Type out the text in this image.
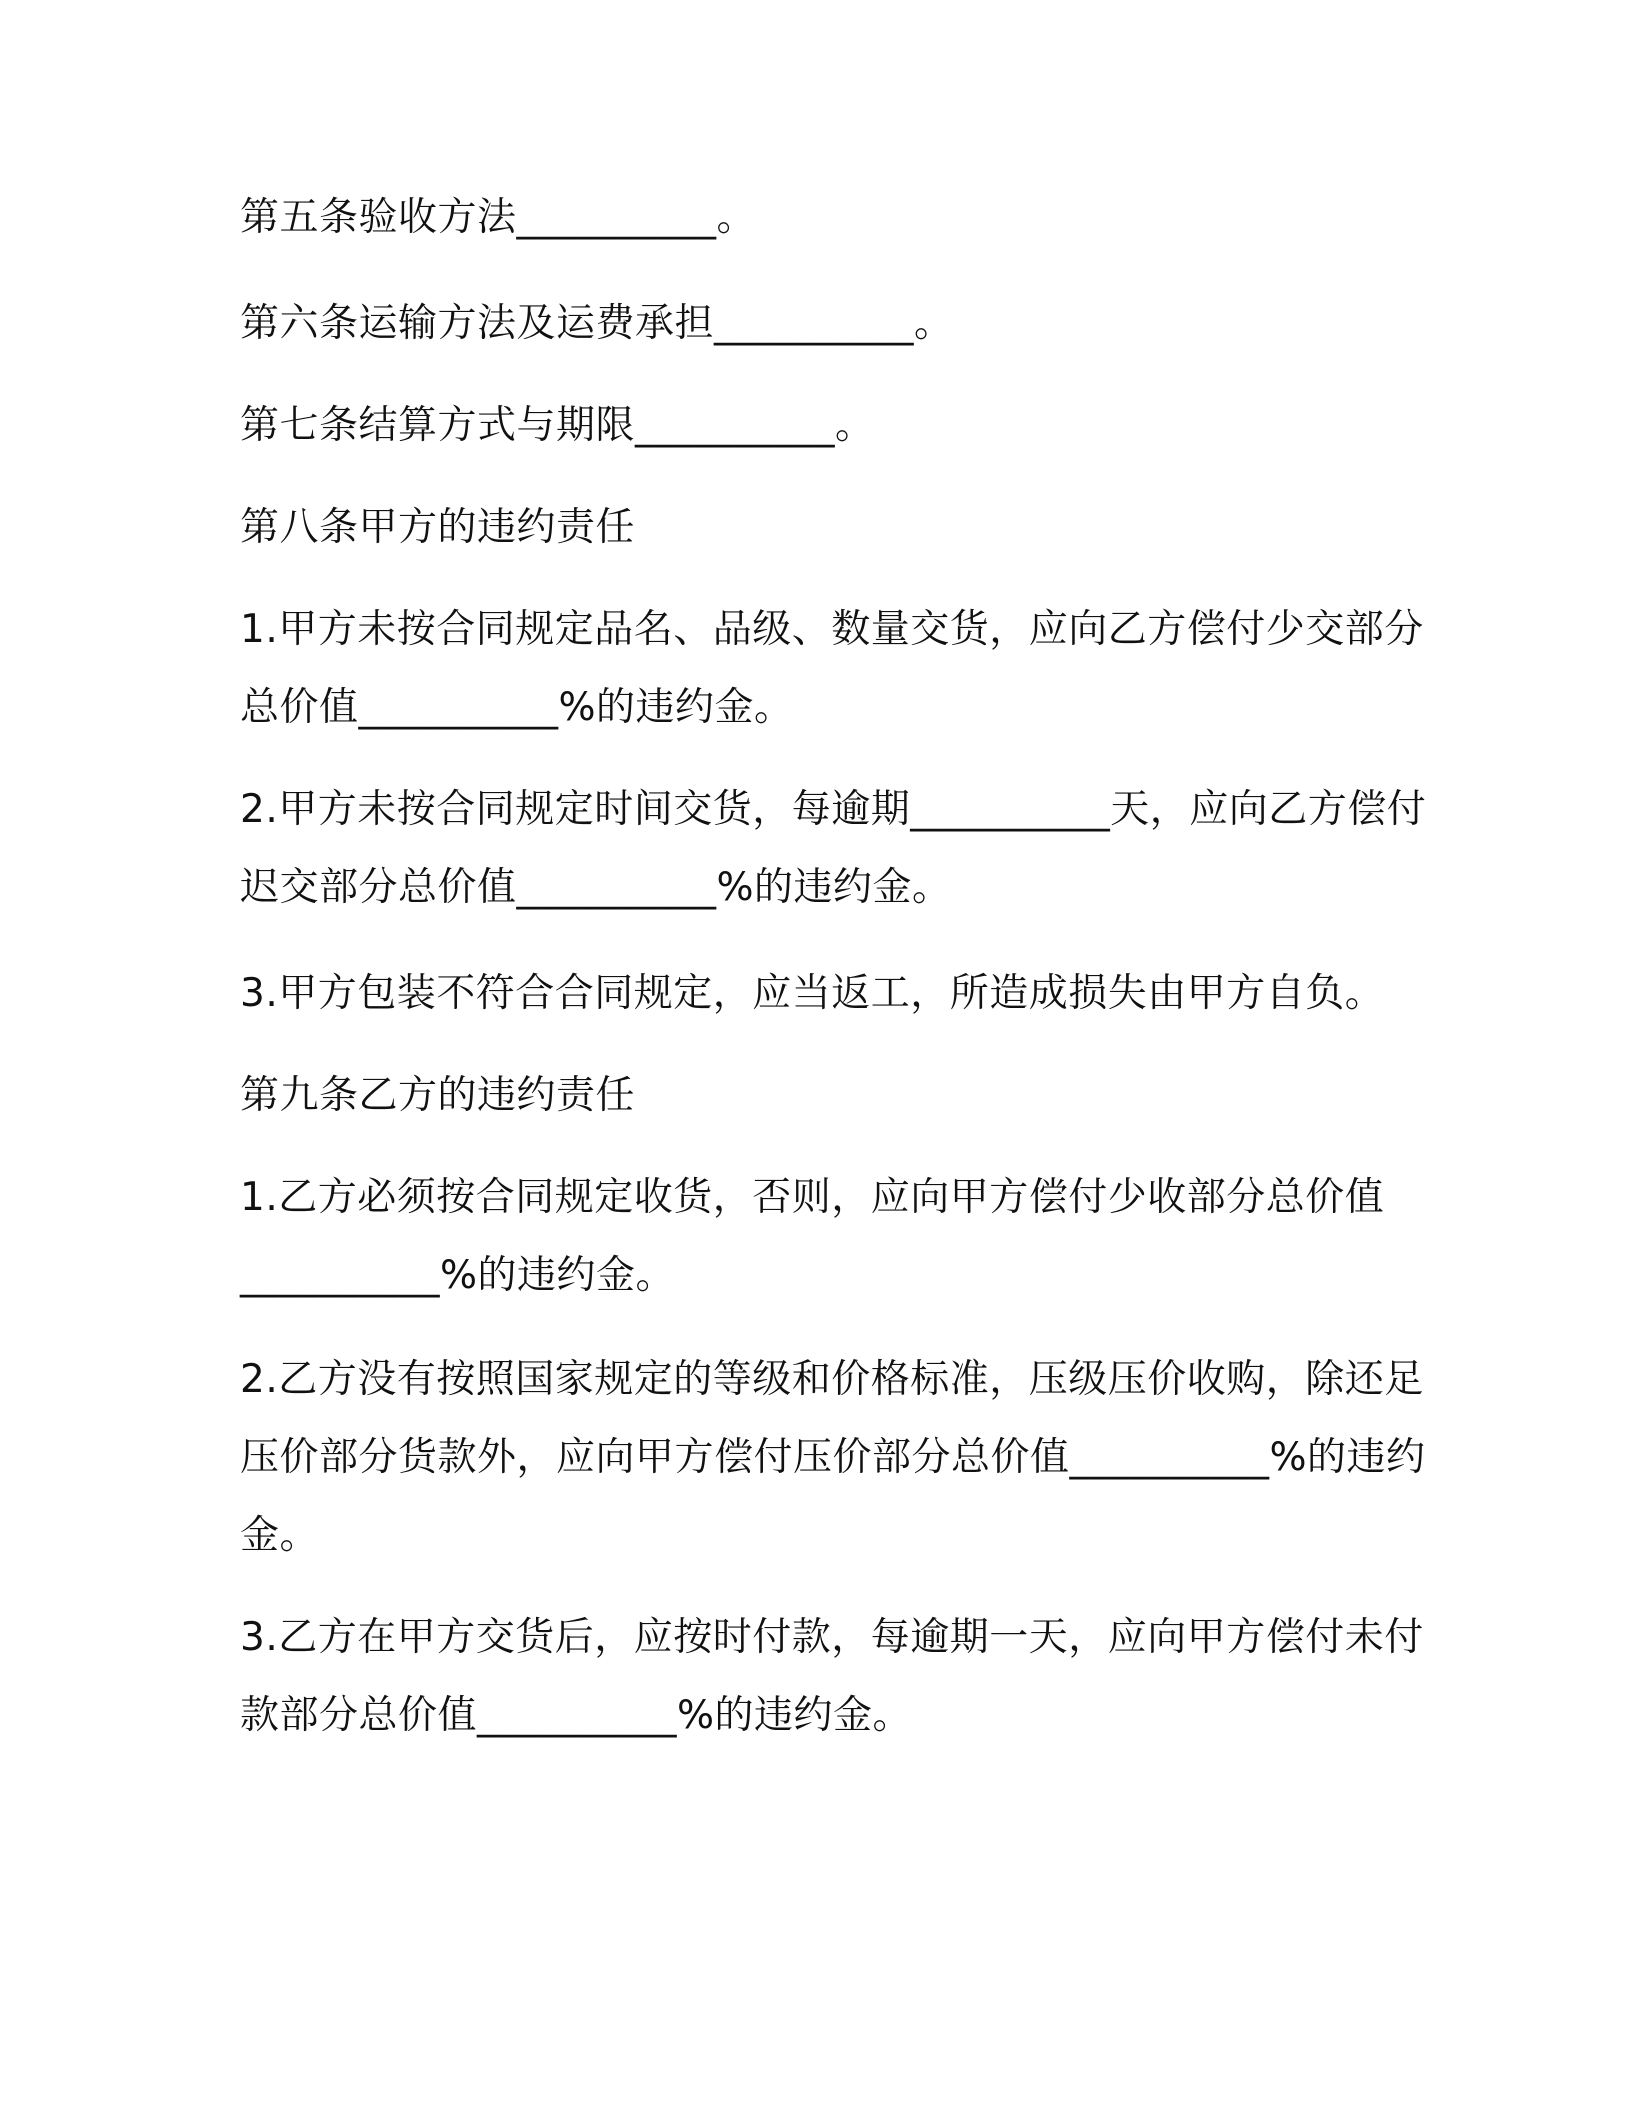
第五条验收方法__________。
第六条运输方法及运费承担__________。
第七条结算方式与期限__________。
第八条甲方的违约责任
1.甲方未按合同规定品名、品级、数量交货，应向乙方偿付少交部分
总价值__________%的违约金。
2.甲方未按合同规定时间交货，每逾期__________天，应向乙方偿付
迟交部分总价值__________%的违约金。
3.甲方包装不符合合同规定，应当返工，所造成损失由甲方自负。
第九条乙方的违约责任
1.乙方必须按合同规定收货，否则，应向甲方偿付少收部分总价值
__________%的违约金。
2.乙方没有按照国家规定的等级和价格标准，压级压价收购，除还足
压价部分货款外，应向甲方偿付压价部分总价值__________%的违约
金。
3.乙方在甲方交货后，应按时付款，每逾期一天，应向甲方偿付未付
款部分总价值__________%的违约金。
